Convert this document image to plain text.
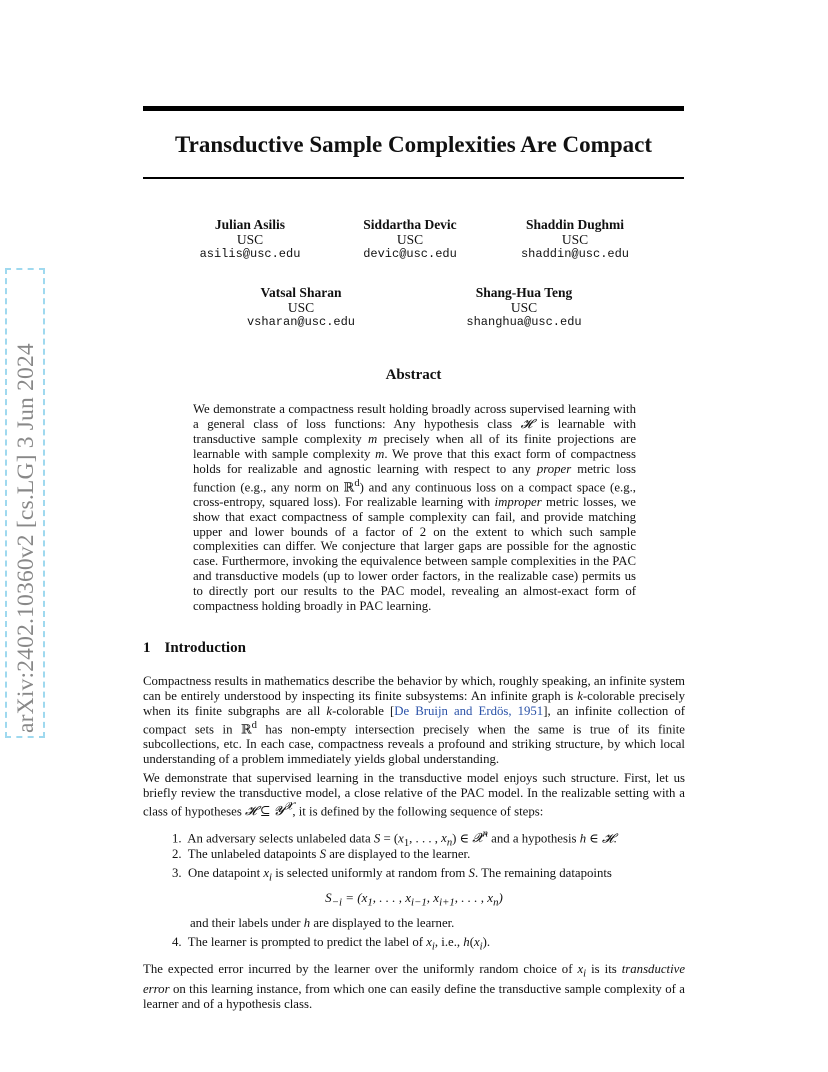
arXiv:2402.10360v2 [cs.LG] 3 Jun 2024
Transductive Sample Complexities Are Compact
Julian Asilis
USC
asilis@usc.edu
Siddartha Devic
USC
devic@usc.edu
Shaddin Dughmi
USC
shaddin@usc.edu
Vatsal Sharan
USC
vsharan@usc.edu
Shang-Hua Teng
USC
shanghua@usc.edu
Abstract
We demonstrate a compactness result holding broadly across supervised learning with a general class of loss functions: Any hypothesis class 𝓗 is learnable with transductive sample complexity m precisely when all of its finite projections are learnable with sample complexity m. We prove that this exact form of compactness holds for realizable and agnostic learning with respect to any proper metric loss function (e.g., any norm on ℝ$^d$) and any continuous loss on a compact space (e.g., cross-entropy, squared loss). For realizable learning with improper metric losses, we show that exact compactness of sample complexity can fail, and provide matching upper and lower bounds of a factor of 2 on the extent to which such sample complexities can differ. We conjecture that larger gaps are possible for the agnostic case. Furthermore, invoking the equivalence between sample complexities in the PAC and transductive models (up to lower order factors, in the realizable case) permits us to directly port our results to the PAC model, revealing an almost-exact form of compactness holding broadly in PAC learning.
1 Introduction
Compactness results in mathematics describe the behavior by which, roughly speaking, an infinite system can be entirely understood by inspecting its finite subsystems: An infinite graph is k-colorable precisely when its finite subgraphs are all k-colorable [De Bruijn and Erdös, 1951], an infinite collection of compact sets in ℝ$^d$ has non-empty intersection precisely when the same is true of its finite subcollections, etc. In each case, compactness reveals a profound and striking structure, by which local understanding of a problem immediately yields global understanding.
We demonstrate that supervised learning in the transductive model enjoys such structure. First, let us briefly review the transductive model, a close relative of the PAC model. In the realizable setting with a class of hypotheses 𝓗 ⊆ 𝓨$^𝓧$, it is defined by the following sequence of steps:
1.  An adversary selects unlabeled data $S = (x_1$, . . . , $x_n$) ∈ 𝓧$^n$ and a hypothesis h ∈ 𝓗.
2.  The unlabeled datapoints S are displayed to the learner.
3.  One datapoint $x_i$ is selected uniformly at random from S. The remaining datapoints
and their labels under h are displayed to the learner.
4.  The learner is prompted to predict the label of $x_i$, i.e., $h(x_i)$.
$S_{-i} = (x_1$, . . . , $x_{i-1}$, $x_{i+1}$, . . . , $x_n$)
The expected error incurred by the learner over the uniformly random choice of $x_i$ is its transductive error on this learning instance, from which one can easily define the transductive sample complexity of a learner and of a hypothesis class.
